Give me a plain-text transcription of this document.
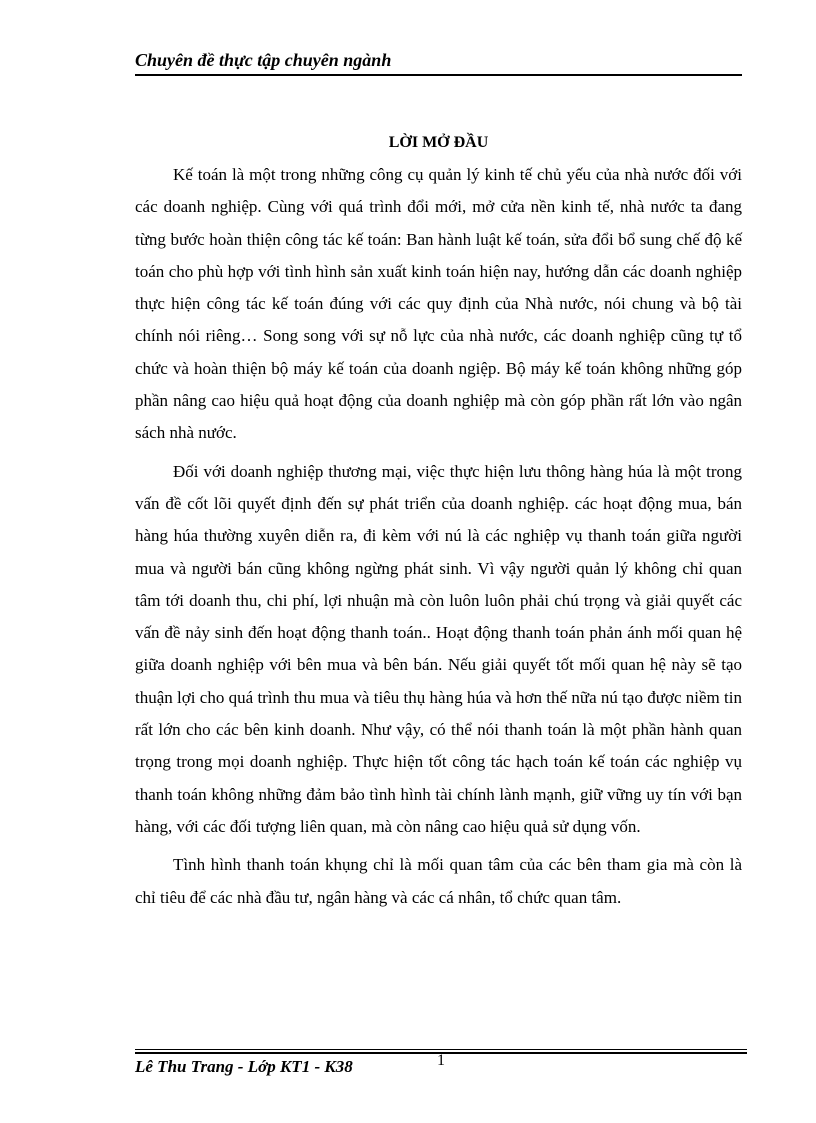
Chuyên đề thực tập chuyên ngành
LỜI MỞ ĐẦU

Kế toán là một trong những công cụ quản lý kinh tế chủ yếu của nhà nước đối với các doanh nghiệp. Cùng với quá trình đổi mới, mở cửa nền kinh tế, nhà nước ta đang từng bước hoàn thiện công tác kế toán: Ban hành luật kế toán, sửa đổi bổ sung chế độ kế toán cho phù hợp với tình hình sản xuất kinh toán hiện nay, hướng dẫn các doanh nghiệp thực hiện công tác kế toán đúng với các quy định của Nhà nước, nói chung và bộ tài chính nói riêng… Song song với sự nỗ lực của nhà nước, các doanh nghiệp cũng tự tổ chức và hoàn thiện bộ máy kế toán của doanh ngiệp. Bộ máy kế toán không những góp phần nâng cao hiệu quả hoạt động của doanh nghiệp mà còn góp phần rất lớn vào ngân sách nhà nước.

Đối với doanh nghiệp thương mại, việc thực hiện lưu thông hàng húa là một trong vấn đề cốt lõi quyết định đến sự phát triển của doanh nghiệp. các hoạt động mua, bán hàng húa thường xuyên diễn ra, đi kèm với nú là các nghiệp vụ thanh toán giữa người mua và người bán cũng không ngừng phát sinh. Vì vậy người quản lý không chỉ quan tâm tới doanh thu, chi phí, lợi nhuận mà còn luôn luôn phải chú trọng và giải quyết các vấn đề nảy sinh đến hoạt động thanh toán.. Hoạt động thanh toán phản ánh mối quan hệ giữa doanh nghiệp với bên mua và bên bán. Nếu giải quyết tốt mối quan hệ này sẽ tạo thuận lợi cho quá trình thu mua và tiêu thụ hàng húa và hơn thế nữa nú tạo được niềm tin rất lớn cho các bên kinh doanh. Như vậy, có thể nói thanh toán là một phần hành quan trọng trong mọi doanh nghiệp. Thực hiện tốt công tác hạch toán kế toán các nghiệp vụ thanh toán không những đảm bảo tình hình tài chính lành mạnh, giữ vững uy tín với bạn hàng, với các đối tượng liên quan, mà còn nâng cao hiệu quả sử dụng vốn.

Tình hình thanh toán khụng chỉ là mối quan tâm của các bên tham gia mà còn là chỉ tiêu để các nhà đầu tư, ngân hàng và các cá nhân, tổ chức quan tâm.

Lê Thu Trang - Lớp KT1 - K38	1
